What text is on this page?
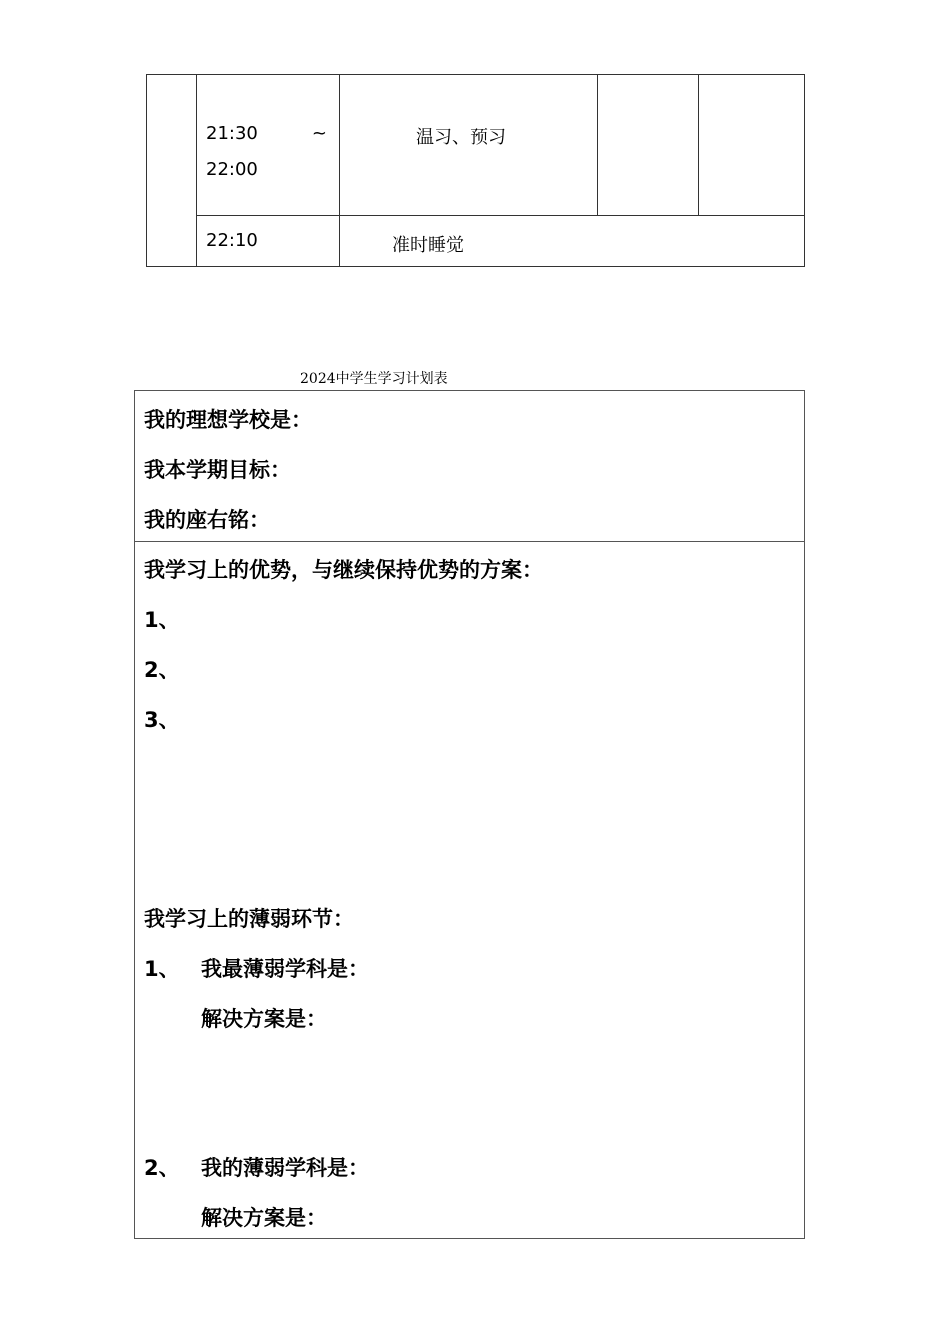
	21:30 ~
22:00	温习、预习		

	22:10	准时睡觉		
2024中学生学习计划表
我的理想学校是：
我本学期目标：
我的座右铭：
我学习上的优势，与继续保持优势的方案：
1、
2、
3、
我学习上的薄弱环节：
1、 我最薄弱学科是：
解决方案是：
2、 我的薄弱学科是：
解决方案是：
